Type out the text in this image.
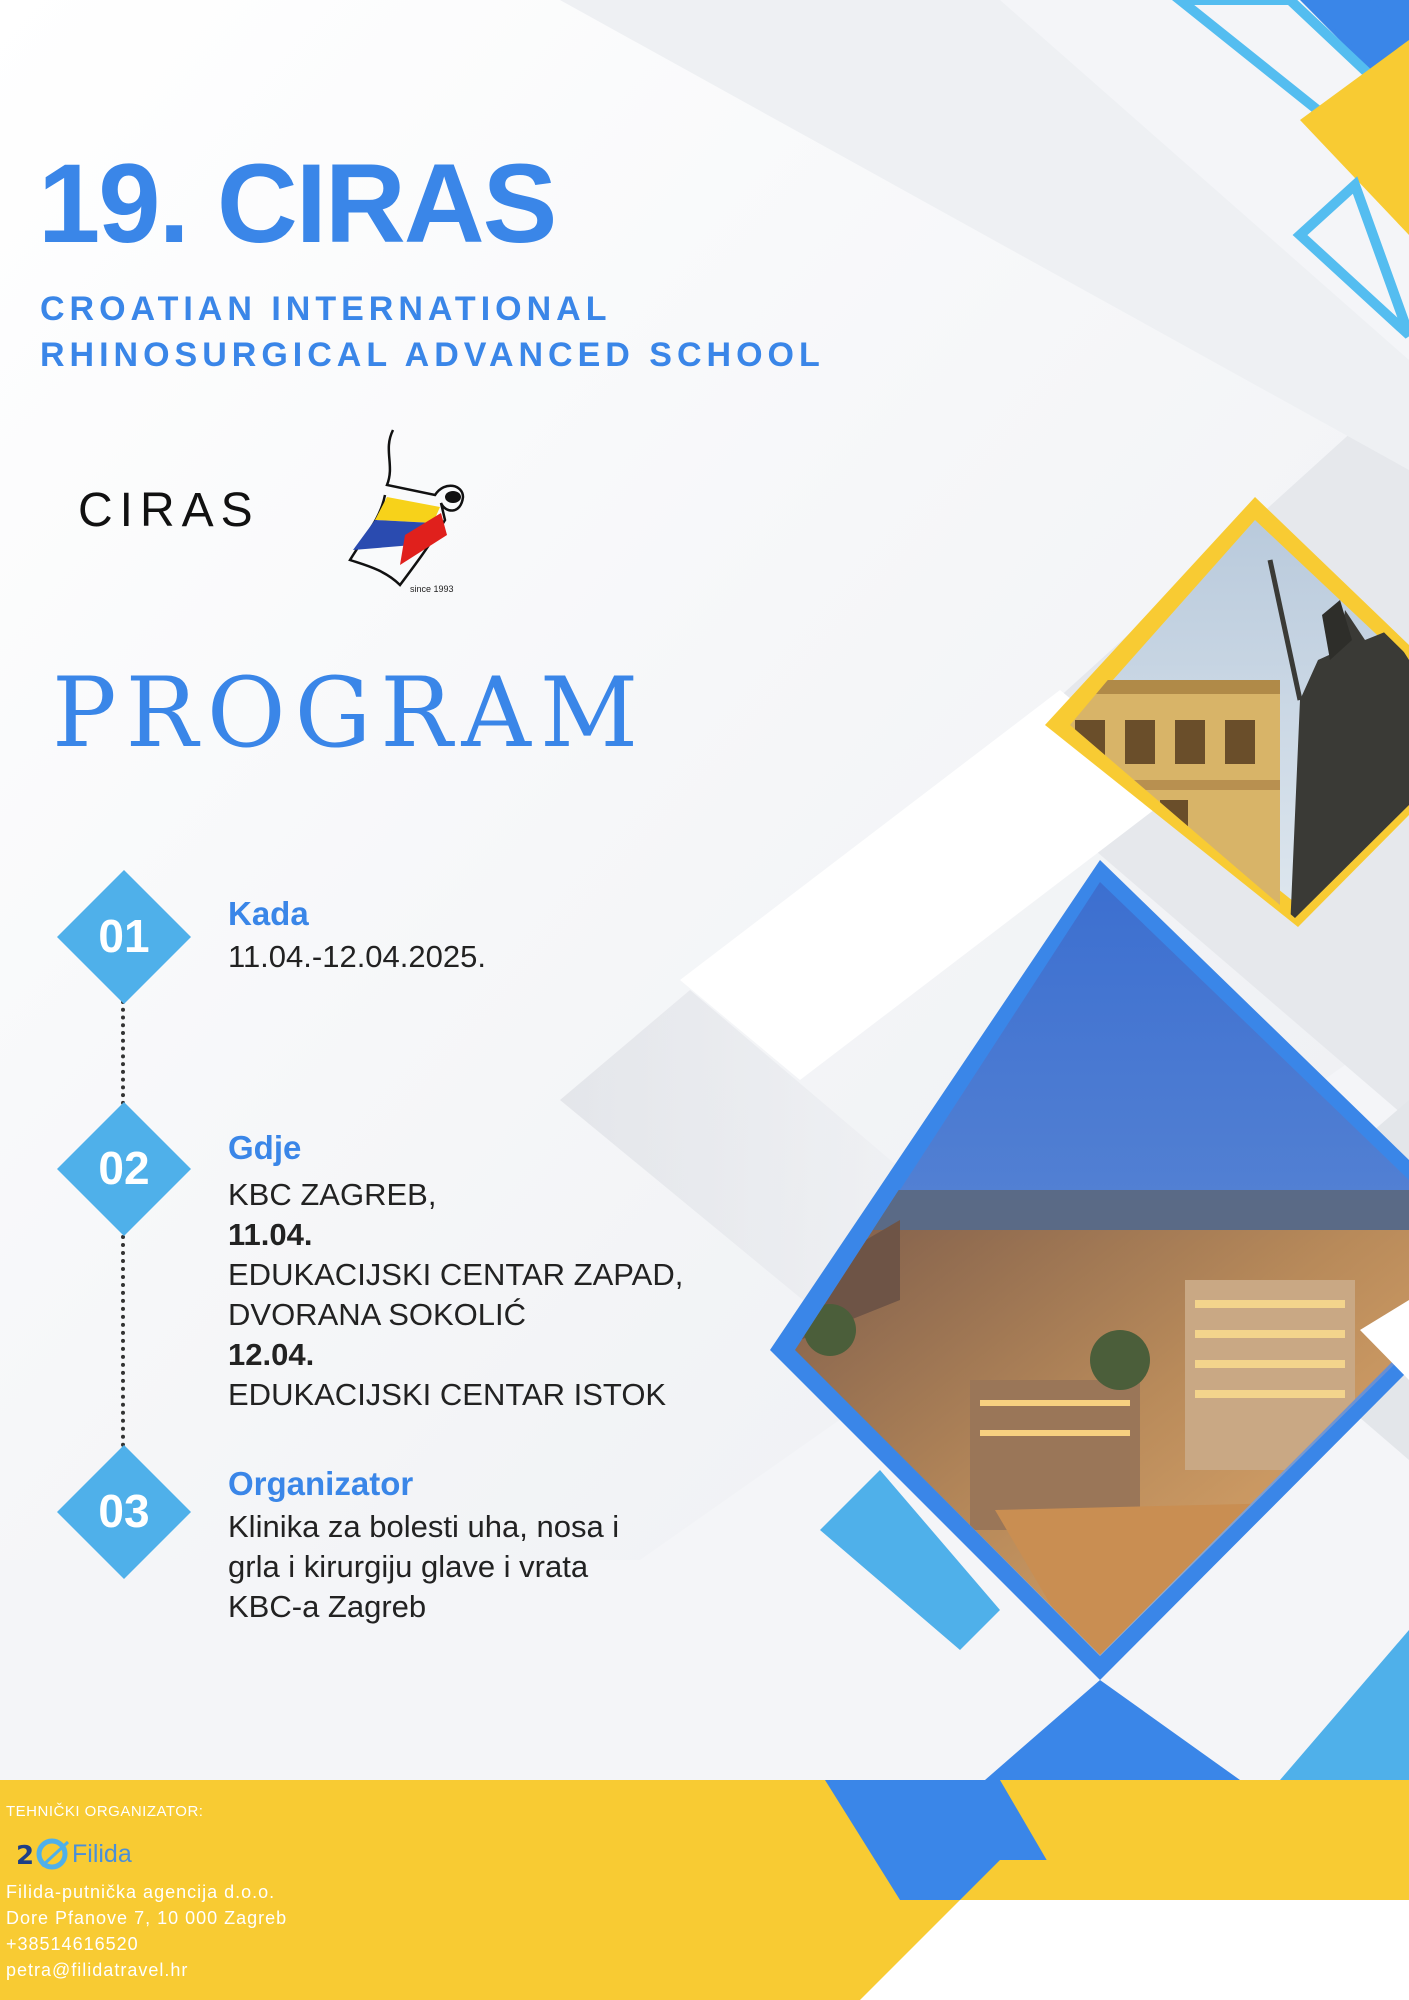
19. CIRAS
CROATIAN INTERNATIONAL
RHINOSURGICAL ADVANCED SCHOOL
CIRAS
since 1993
PROGRAM
01	Kada

11.04.-12.04.2025.

02	Gdje

KBC ZAGREB,

11.04.

EDUKACIJSKI CENTAR ZAPAD,

DVORANA SOKOLIĆ

12.04.

EDUKACIJSKI CENTAR ISTOK

03
Organizator

Klinika za bolesti uha, nosa i

grla i kirurgiju glave i vrata

KBC-a Zagreb

TEHNIČKI ORGANIZATOR:
2 Filida
Filida-putnička agencija d.o.o.
Dore Pfanove 7, 10 000 Zagreb
+38514616520
petra@filidatravel.hr
